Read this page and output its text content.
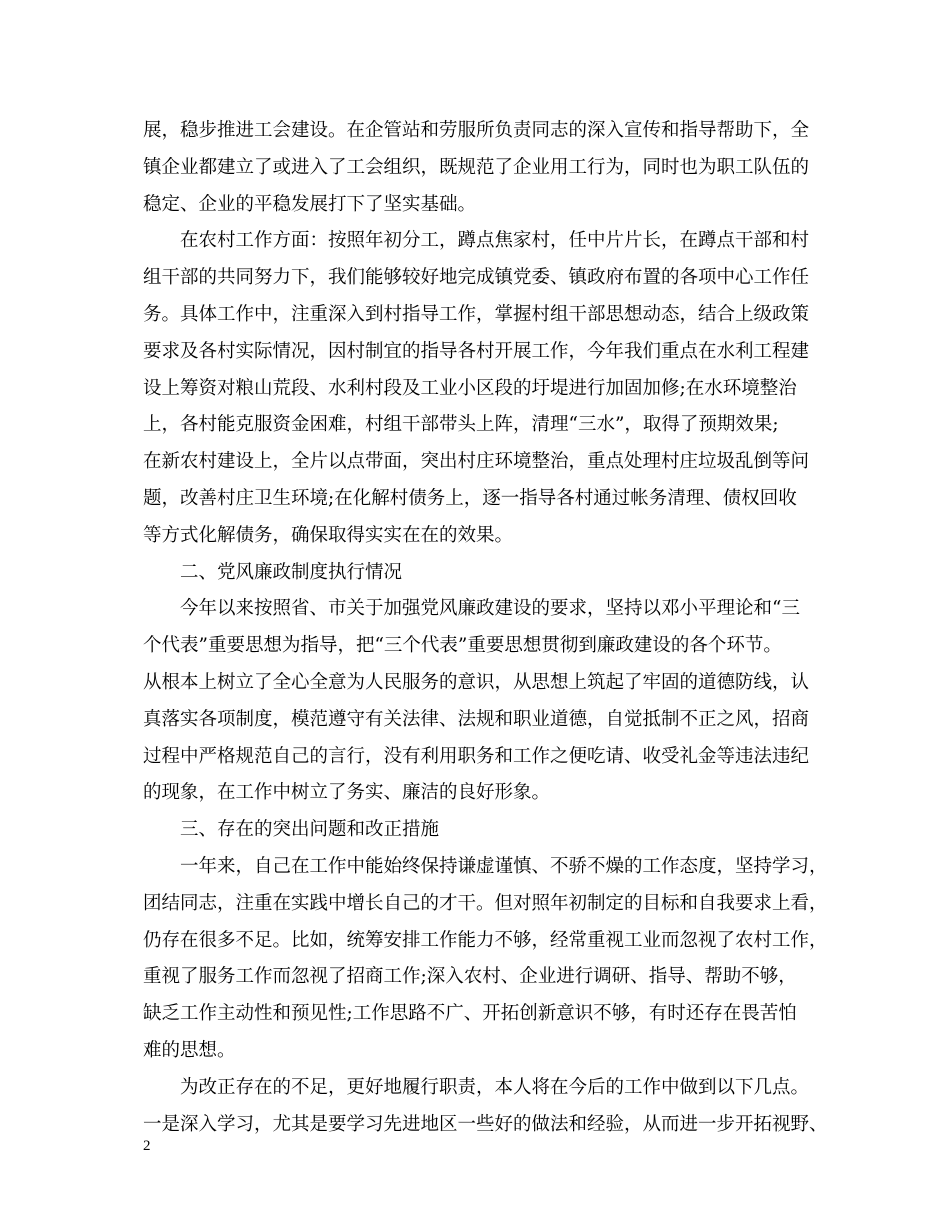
展，稳步推进工会建设。在企管站和劳服所负责同志的深入宣传和指导帮助下，全
镇企业都建立了或进入了工会组织，既规范了企业用工行为，同时也为职工队伍的
稳定、企业的平稳发展打下了坚实基础。

在农村工作方面：按照年初分工，蹲点焦家村，任中片片长，在蹲点干部和村
组干部的共同努力下，我们能够较好地完成镇党委、镇政府布置的各项中心工作任
务。具体工作中，注重深入到村指导工作，掌握村组干部思想动态，结合上级政策
要求及各村实际情况，因村制宜的指导各村开展工作，今年我们重点在水利工程建
设上筹资对粮山荒段、水利村段及工业小区段的圩堤进行加固加修;在水环境整治
上，各村能克服资金困难，村组干部带头上阵，清理“三水”，取得了预期效果;
在新农村建设上，全片以点带面，突出村庄环境整治，重点处理村庄垃圾乱倒等问
题，改善村庄卫生环境;在化解村债务上，逐一指导各村通过帐务清理、债权回收
等方式化解债务，确保取得实实在在的效果。

二、党风廉政制度执行情况

今年以来按照省、市关于加强党风廉政建设的要求，坚持以邓小平理论和“三
个代表”重要思想为指导，把“三个代表”重要思想贯彻到廉政建设的各个环节。
从根本上树立了全心全意为人民服务的意识，从思想上筑起了牢固的道德防线，认
真落实各项制度，模范遵守有关法律、法规和职业道德，自觉抵制不正之风，招商
过程中严格规范自己的言行，没有利用职务和工作之便吃请、收受礼金等违法违纪
的现象，在工作中树立了务实、廉洁的良好形象。

三、存在的突出问题和改正措施

一年来，自己在工作中能始终保持谦虚谨慎、不骄不燥的工作态度，坚持学习，
团结同志，注重在实践中增长自己的才干。但对照年初制定的目标和自我要求上看，
仍存在很多不足。比如，统筹安排工作能力不够，经常重视工业而忽视了农村工作，
重视了服务工作而忽视了招商工作;深入农村、企业进行调研、指导、帮助不够，
缺乏工作主动性和预见性;工作思路不广、开拓创新意识不够，有时还存在畏苦怕
难的思想。

为改正存在的不足，更好地履行职责，本人将在今后的工作中做到以下几点。
一是深入学习，尤其是要学习先进地区一些好的做法和经验，从而进一步开拓视野、

2
